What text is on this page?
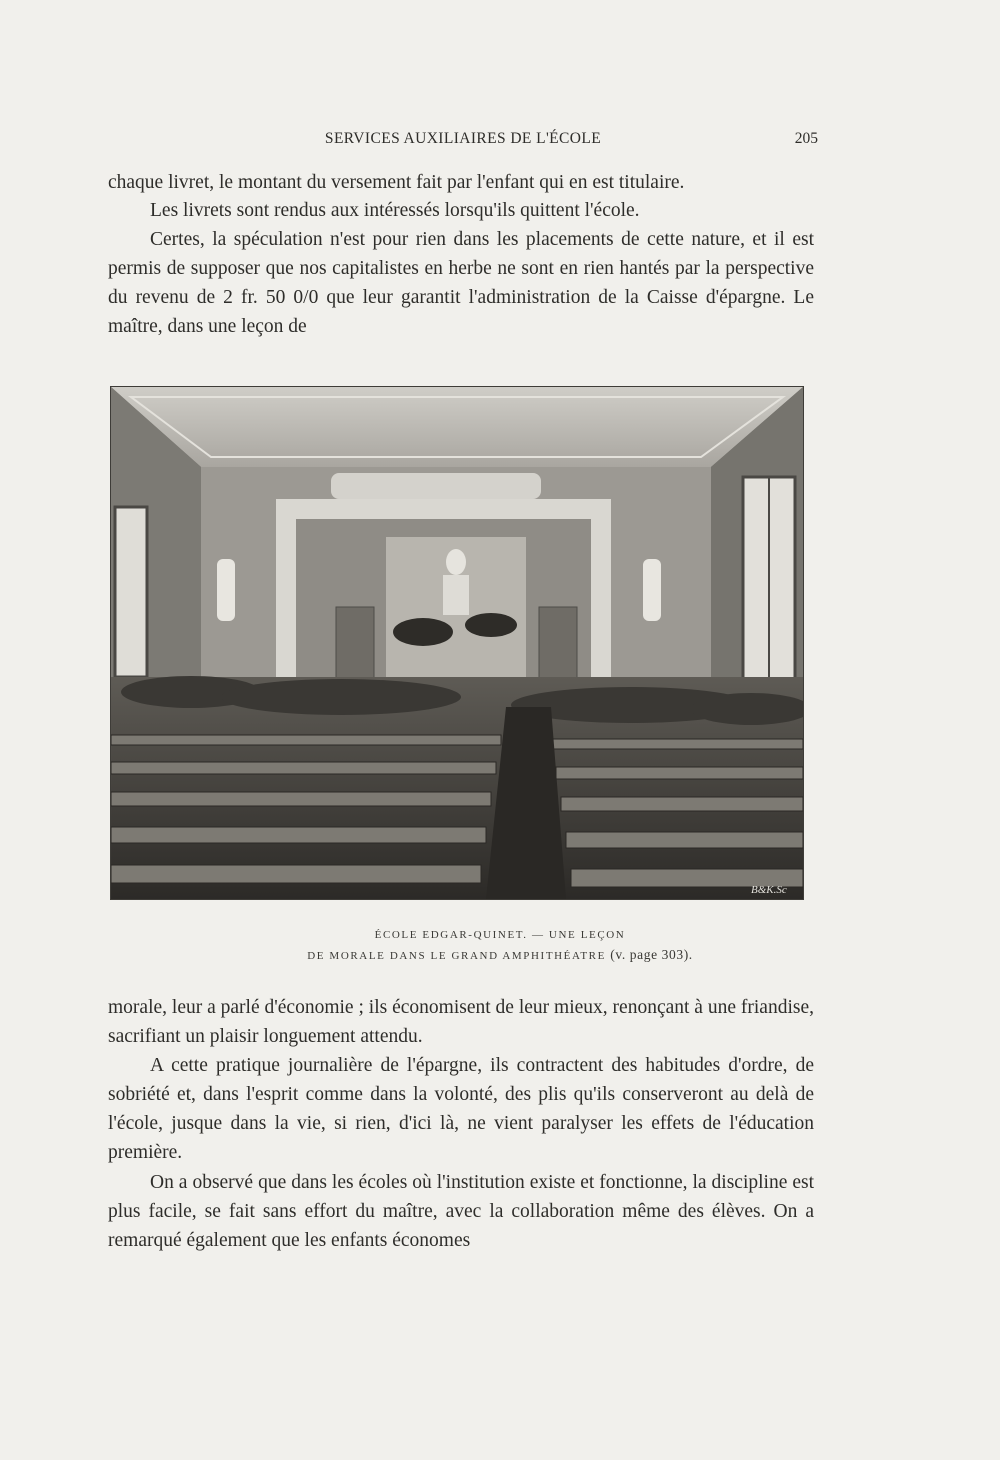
SERVICES AUXILIAIRES DE L'ÉCOLE	205

chaque livret, le montant du versement fait par l'enfant qui en est titulaire.

Les livrets sont rendus aux intéressés lorsqu'ils quittent l'école.

Certes, la spéculation n'est pour rien dans les placements de cette nature, et il est permis de supposer que nos capitalistes en herbe ne sont en rien hantés par la perspective du revenu de 2 fr. 50 0/0 que leur garantit l'administration de la Caisse d'épargne. Le maître, dans une leçon de

B&K.Sc
ÉCOLE EDGAR-QUINET. — UNE LEÇON
DE MORALE DANS LE GRAND AMPHITHÉATRE (v. page 303).

morale, leur a parlé d'économie ; ils économisent de leur mieux, renonçant à une friandise, sacrifiant un plaisir longuement attendu.

A cette pratique journalière de l'épargne, ils contractent des habitudes d'ordre, de sobriété et, dans l'esprit comme dans la volonté, des plis qu'ils conserveront au delà de l'école, jusque dans la vie, si rien, d'ici là, ne vient paralyser les effets de l'éducation première.

On a observé que dans les écoles où l'institution existe et fonctionne, la discipline est plus facile, se fait sans effort du maître, avec la collaboration même des élèves. On a remarqué également que les enfants économes
